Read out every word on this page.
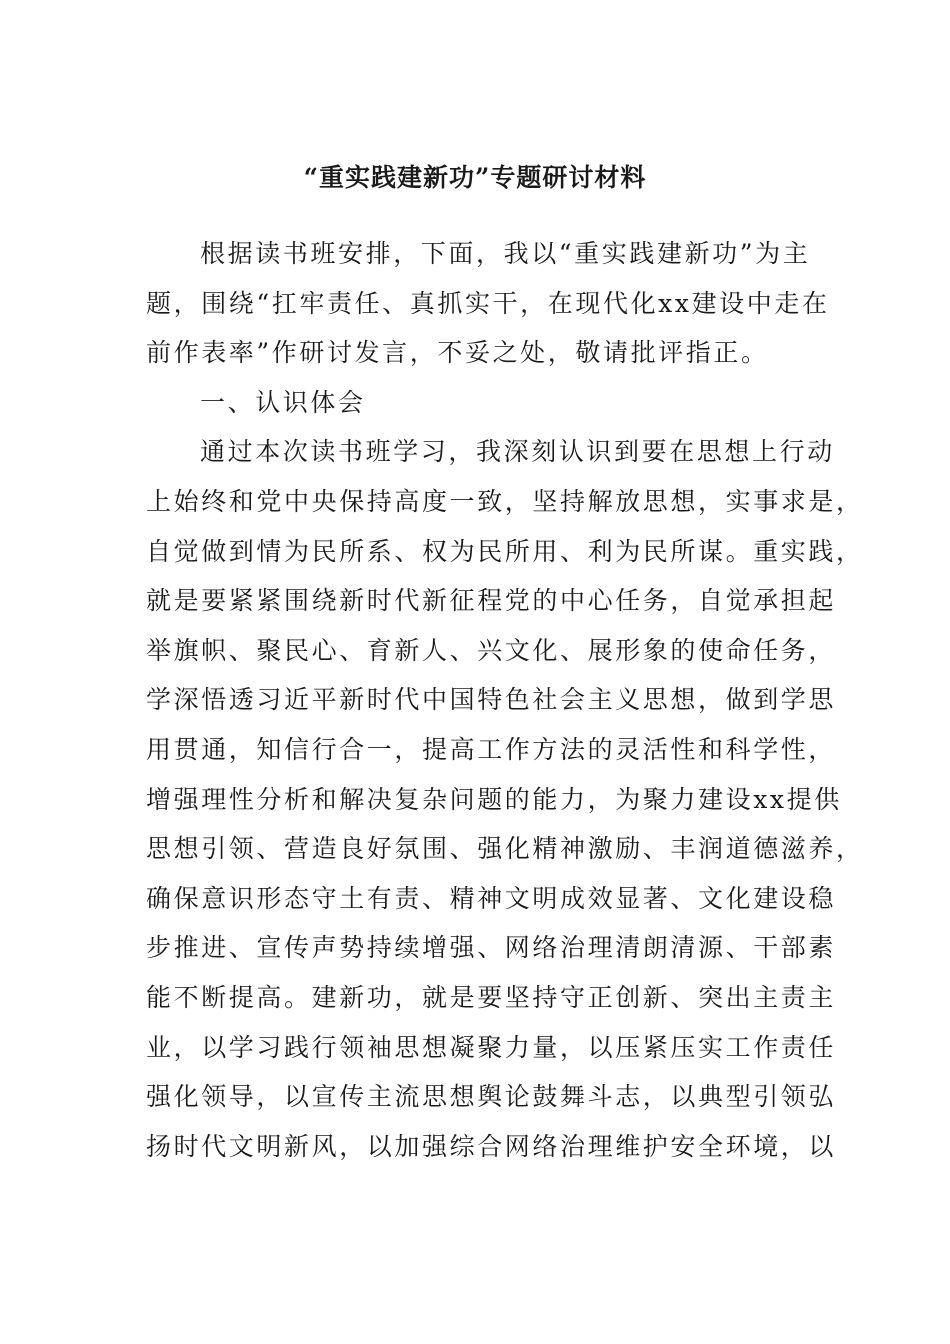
“重实践建新功”专题研讨材料
根据读书班安排，下面，我以“重实践建新功”为主
题，围绕“扛牢责任、真抓实干，在现代化xx建设中走在
前作表率”作研讨发言，不妥之处，敬请批评指正。
一、认识体会
通过本次读书班学习，我深刻认识到要在思想上行动
上始终和党中央保持高度一致，坚持解放思想，实事求是，
自觉做到情为民所系、权为民所用、利为民所谋。重实践，
就是要紧紧围绕新时代新征程党的中心任务，自觉承担起
举旗帜、聚民心、育新人、兴文化、展形象的使命任务，
学深悟透习近平新时代中国特色社会主义思想，做到学思
用贯通，知信行合一，提高工作方法的灵活性和科学性，
增强理性分析和解决复杂问题的能力，为聚力建设xx提供
思想引领、营造良好氛围、强化精神激励、丰润道德滋养，
确保意识形态守土有责、精神文明成效显著、文化建设稳
步推进、宣传声势持续增强、网络治理清朗清源、干部素
能不断提高。建新功，就是要坚持守正创新、突出主责主
业，以学习践行领袖思想凝聚力量，以压紧压实工作责任
强化领导，以宣传主流思想舆论鼓舞斗志，以典型引领弘
扬时代文明新风，以加强综合网络治理维护安全环境，以
